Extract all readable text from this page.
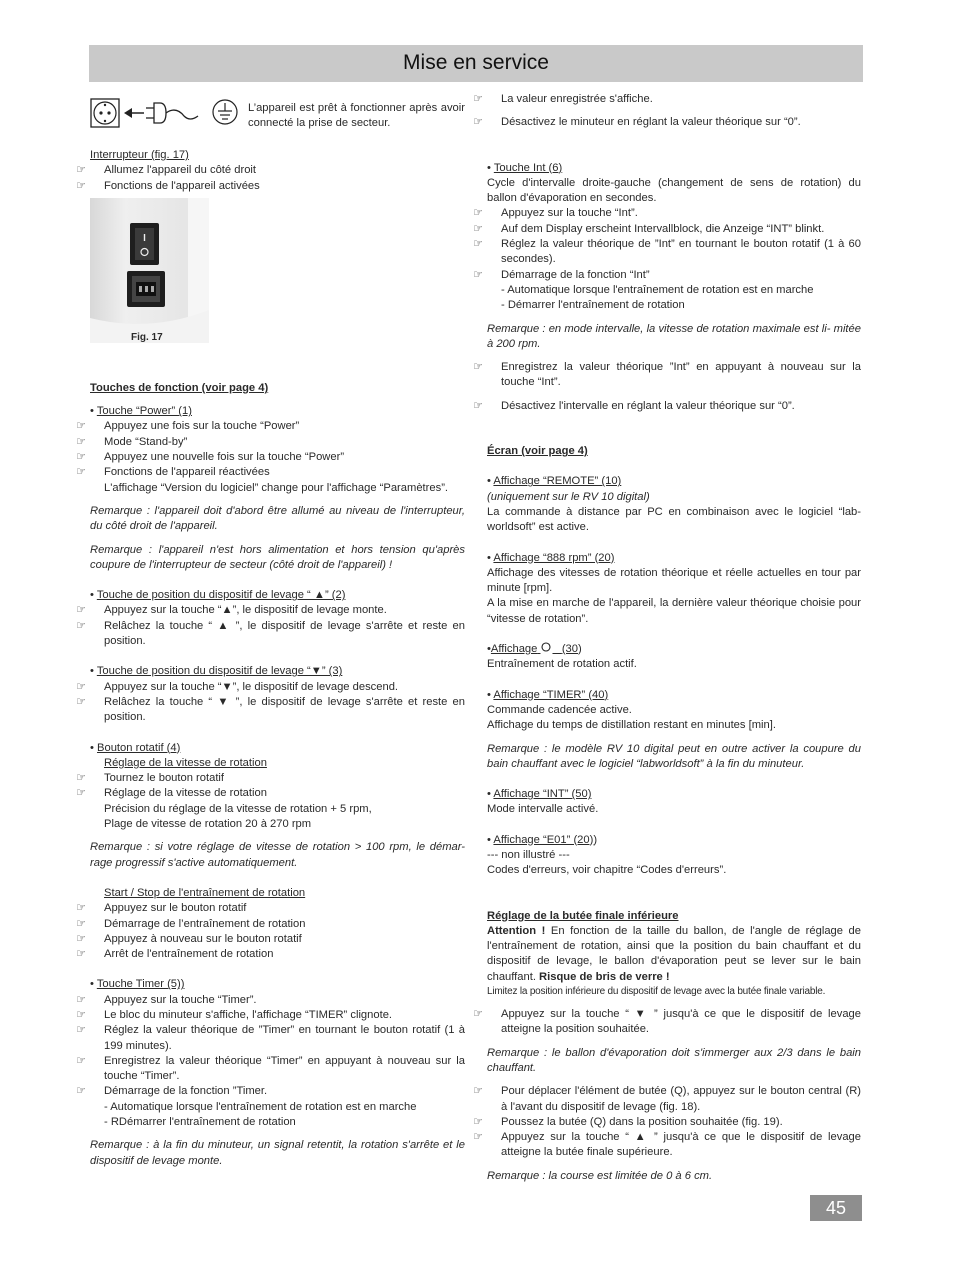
Mise en service

L’appareil est prêt à fonctionner après avoir connecté la prise de secteur.

Interrupteur (fig. 17)

☞ Allumez l'appareil du côté droit

☞ Fonctions de l'appareil activées

Touches de fonction (voir page 4)

• Touche “Power” (1)

☞ Appuyez une fois sur la touche “Power”

☞ Mode “Stand-by”

☞ Appuyez une nouvelle fois sur la touche “Power”

☞ Fonctions de l'appareil réactivées

L'affichage “Version du logiciel” change pour l'affichage “Paramètres”.

Remarque : l'appareil doit d'abord être allumé au niveau de l'interrupteur, du côté droit de l'appareil.

Remarque : l'appareil n'est hors alimentation et hors tension qu'après coupure de l'interrupteur de secteur (côté droit de l'appareil) !

• Touche de position du dispositif de levage “ ▲” (2)

☞ Appuyez sur la touche “▲”, le dispositif de levage monte.

☞ Relâchez la touche “ ▲ ”, le dispositif de levage s'arrête et reste en position.

• Touche de position du dispositif de levage “▼” (3)

☞ Appuyez sur la touche “▼”, le dispositif de levage descend.

☞ Relâchez la touche “ ▼ ”, le dispositif de levage s'arrête et reste en position.

• Bouton rotatif (4)

Réglage de la vitesse de rotation

☞ Tournez le bouton rotatif

☞ Réglage de la vitesse de rotation

Précision du réglage de la vitesse de rotation + 5 rpm,

Plage de vitesse de rotation 20 à 270 rpm

Remarque : si votre réglage de vitesse de rotation > 100 rpm, le démar- rage progressif s'active automatiquement.

Start / Stop de l'entraînement de rotation

☞ Appuyez sur le bouton rotatif

☞ Démarrage de l’entraînement de rotation

☞ Appuyez à nouveau sur le bouton rotatif

☞ Arrêt de l'entraînement de rotation

• Touche Timer (5))

☞ Appuyez sur la touche “Timer”.

☞ Le bloc du minuteur s'affiche, l'affichage “TIMER” clignote.

☞ Réglez la valeur théorique de ”Timer” en tournant le bouton rotatif (1 à 199 minutes).

☞ Enregistrez la valeur théorique “Timer” en appuyant à nouveau sur la touche “Timer”.

☞ Démarrage de la fonction ”Timer.

- Automatique lorsque l'entraînement de rotation est en marche

- RDémarrer l'entraînement de rotation

Remarque : à la fin du minuteur, un signal retentit, la rotation s'arrête et le dispositif de levage monte.

Fig. 17

☞ La valeur enregistrée s'affiche.

☞ Désactivez le minuteur en réglant la valeur théorique sur “0”.

• Touche Int (6)

Cycle d'intervalle droite-gauche (changement de sens de rotation) du ballon d'évaporation en secondes.

☞ Appuyez sur la touche “Int”.

☞ Auf dem Display erscheint Intervallblock, die Anzeige “INT” blinkt.

☞ Réglez la valeur théorique de ”Int” en tournant le bouton rotatif (1 à 60 secondes).

☞ Démarrage de la fonction “Int”

- Automatique lorsque l'entraînement de rotation est en marche

- Démarrer l'entraînement de rotation

Remarque : en mode intervalle, la vitesse de rotation maximale est li- mitée à 200 rpm.

☞ Enregistrez la valeur théorique ”Int” en appuyant à nouveau sur la touche “Int”.

☞ Désactivez l'intervalle en réglant la valeur théorique sur “0”.

Écran (voir page 4)

• Affichage “REMOTE” (10)

(uniquement sur le RV 10 digital)

La commande à distance par PC en combinaison avec le logiciel “lab- worldsoft” est active.

• Affichage “888 rpm” (20)

Affichage des vitesses de rotation théorique et réelle actuelles en tour par minute [rpm].

A la mise en marche de l'appareil, la dernière valeur théorique choisie pour “vitesse de rotation”.

•Affichage (30)

Entraînement de rotation actif.

• Affichage “TIMER” (40)

Commande cadencée active.

Affichage du temps de distillation restant en minutes [min].

Remarque : le modèle RV 10 digital peut en outre activer la coupure du bain chauffant avec le logiciel “labworldsoft” à la fin du minuteur.

• Affichage “INT” (50)

Mode intervalle activé.

• Affichage “E01” (20))

--- non illustré ---

Codes d'erreurs, voir chapitre “Codes d'erreurs”.

Réglage de la butée finale inférieure

Attention ! En fonction de la taille du ballon, de l'angle de réglage de l'entraînement de rotation, ainsi que la position du bain chauffant et du dispositif de levage, le ballon d'évaporation peut se lever sur le bain chauffant. Risque de bris de verre !

Limitez la position inférieure du dispositif de levage avec la butée finale variable.

☞ Appuyez sur la touche “ ▼ ” jusqu'à ce que le dispositif de levage atteigne la position souhaitée.

Remarque : le ballon d'évaporation doit s'immerger aux 2/3 dans le bain chauffant.

☞ Pour déplacer l'élément de butée (Q), appuyez sur le bouton central (R) à l'avant du dispositif de levage (fig. 18).

☞ Poussez la butée (Q) dans la position souhaitée (fig. 19).

☞ Appuyez sur la touche “ ▲ ” jusqu'à ce que le dispositif de levage atteigne la butée finale supérieure.

Remarque : la course est limitée de 0 à 6 cm.

45
